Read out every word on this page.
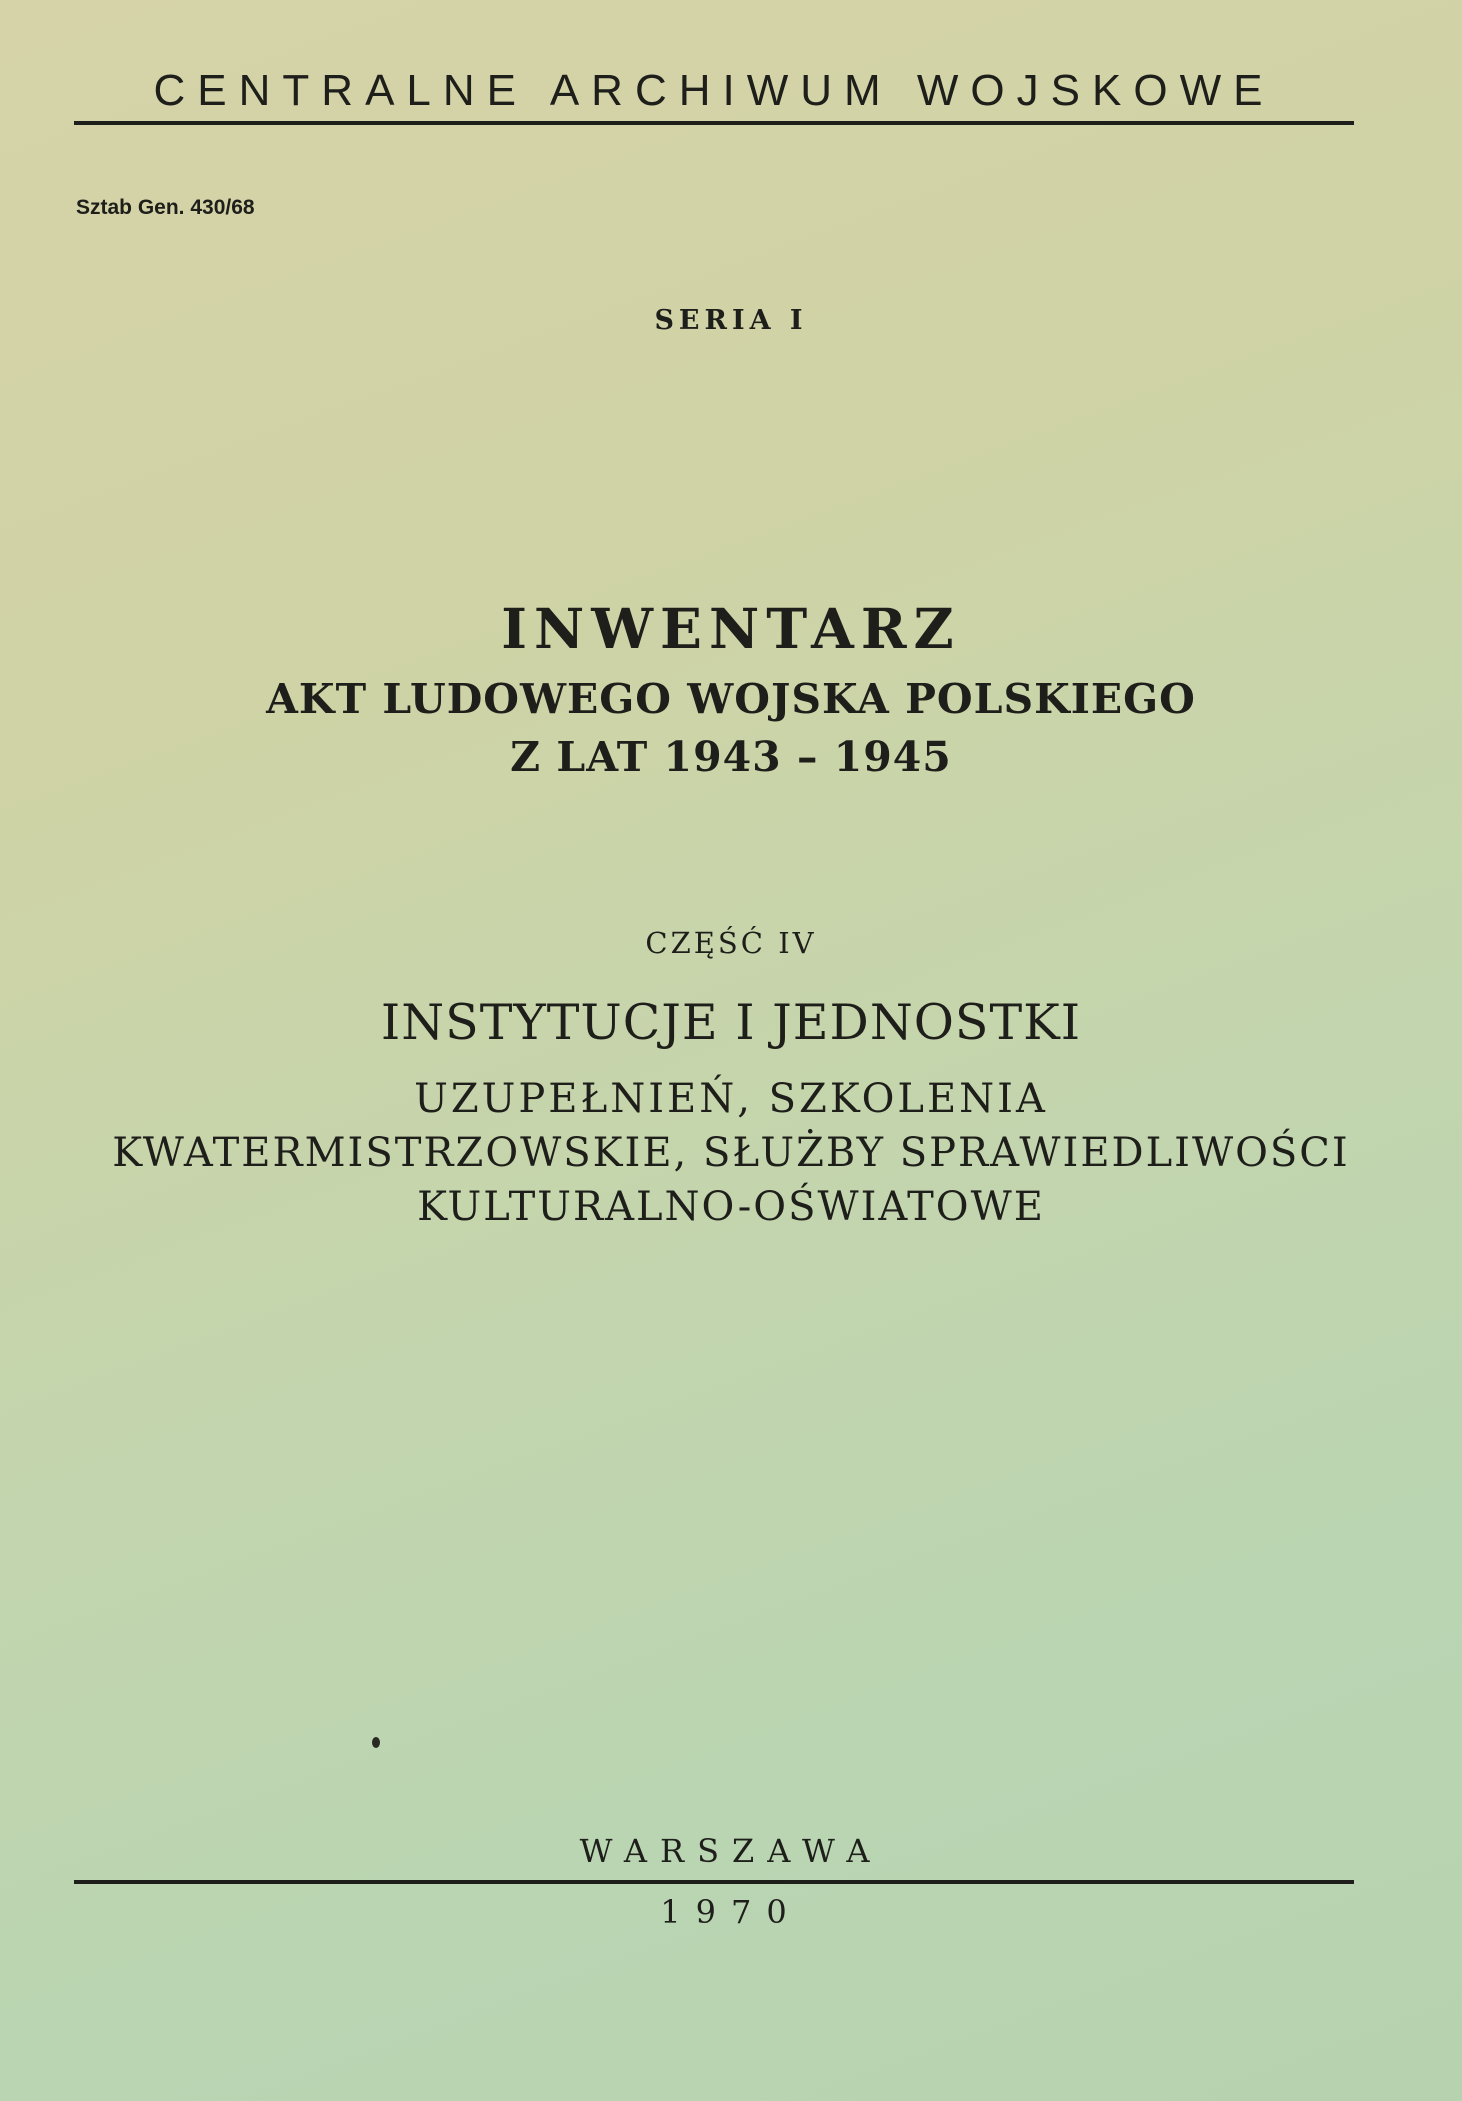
CENTRALNE ARCHIWUM WOJSKOWE
Sztab Gen. 430/68
SERIA I
INWENTARZ
AKT LUDOWEGO WOJSKA POLSKIEGO
Z LAT 1943 – 1945
CZĘŚĆ IV
INSTYTUCJE I JEDNOSTKI
UZUPEŁNIEŃ, SZKOLENIA
KWATERMISTRZOWSKIE, SŁUŻBY SPRAWIEDLIWOŚCI
KULTURALNO-OŚWIATOWE
WARSZAWA
1970
